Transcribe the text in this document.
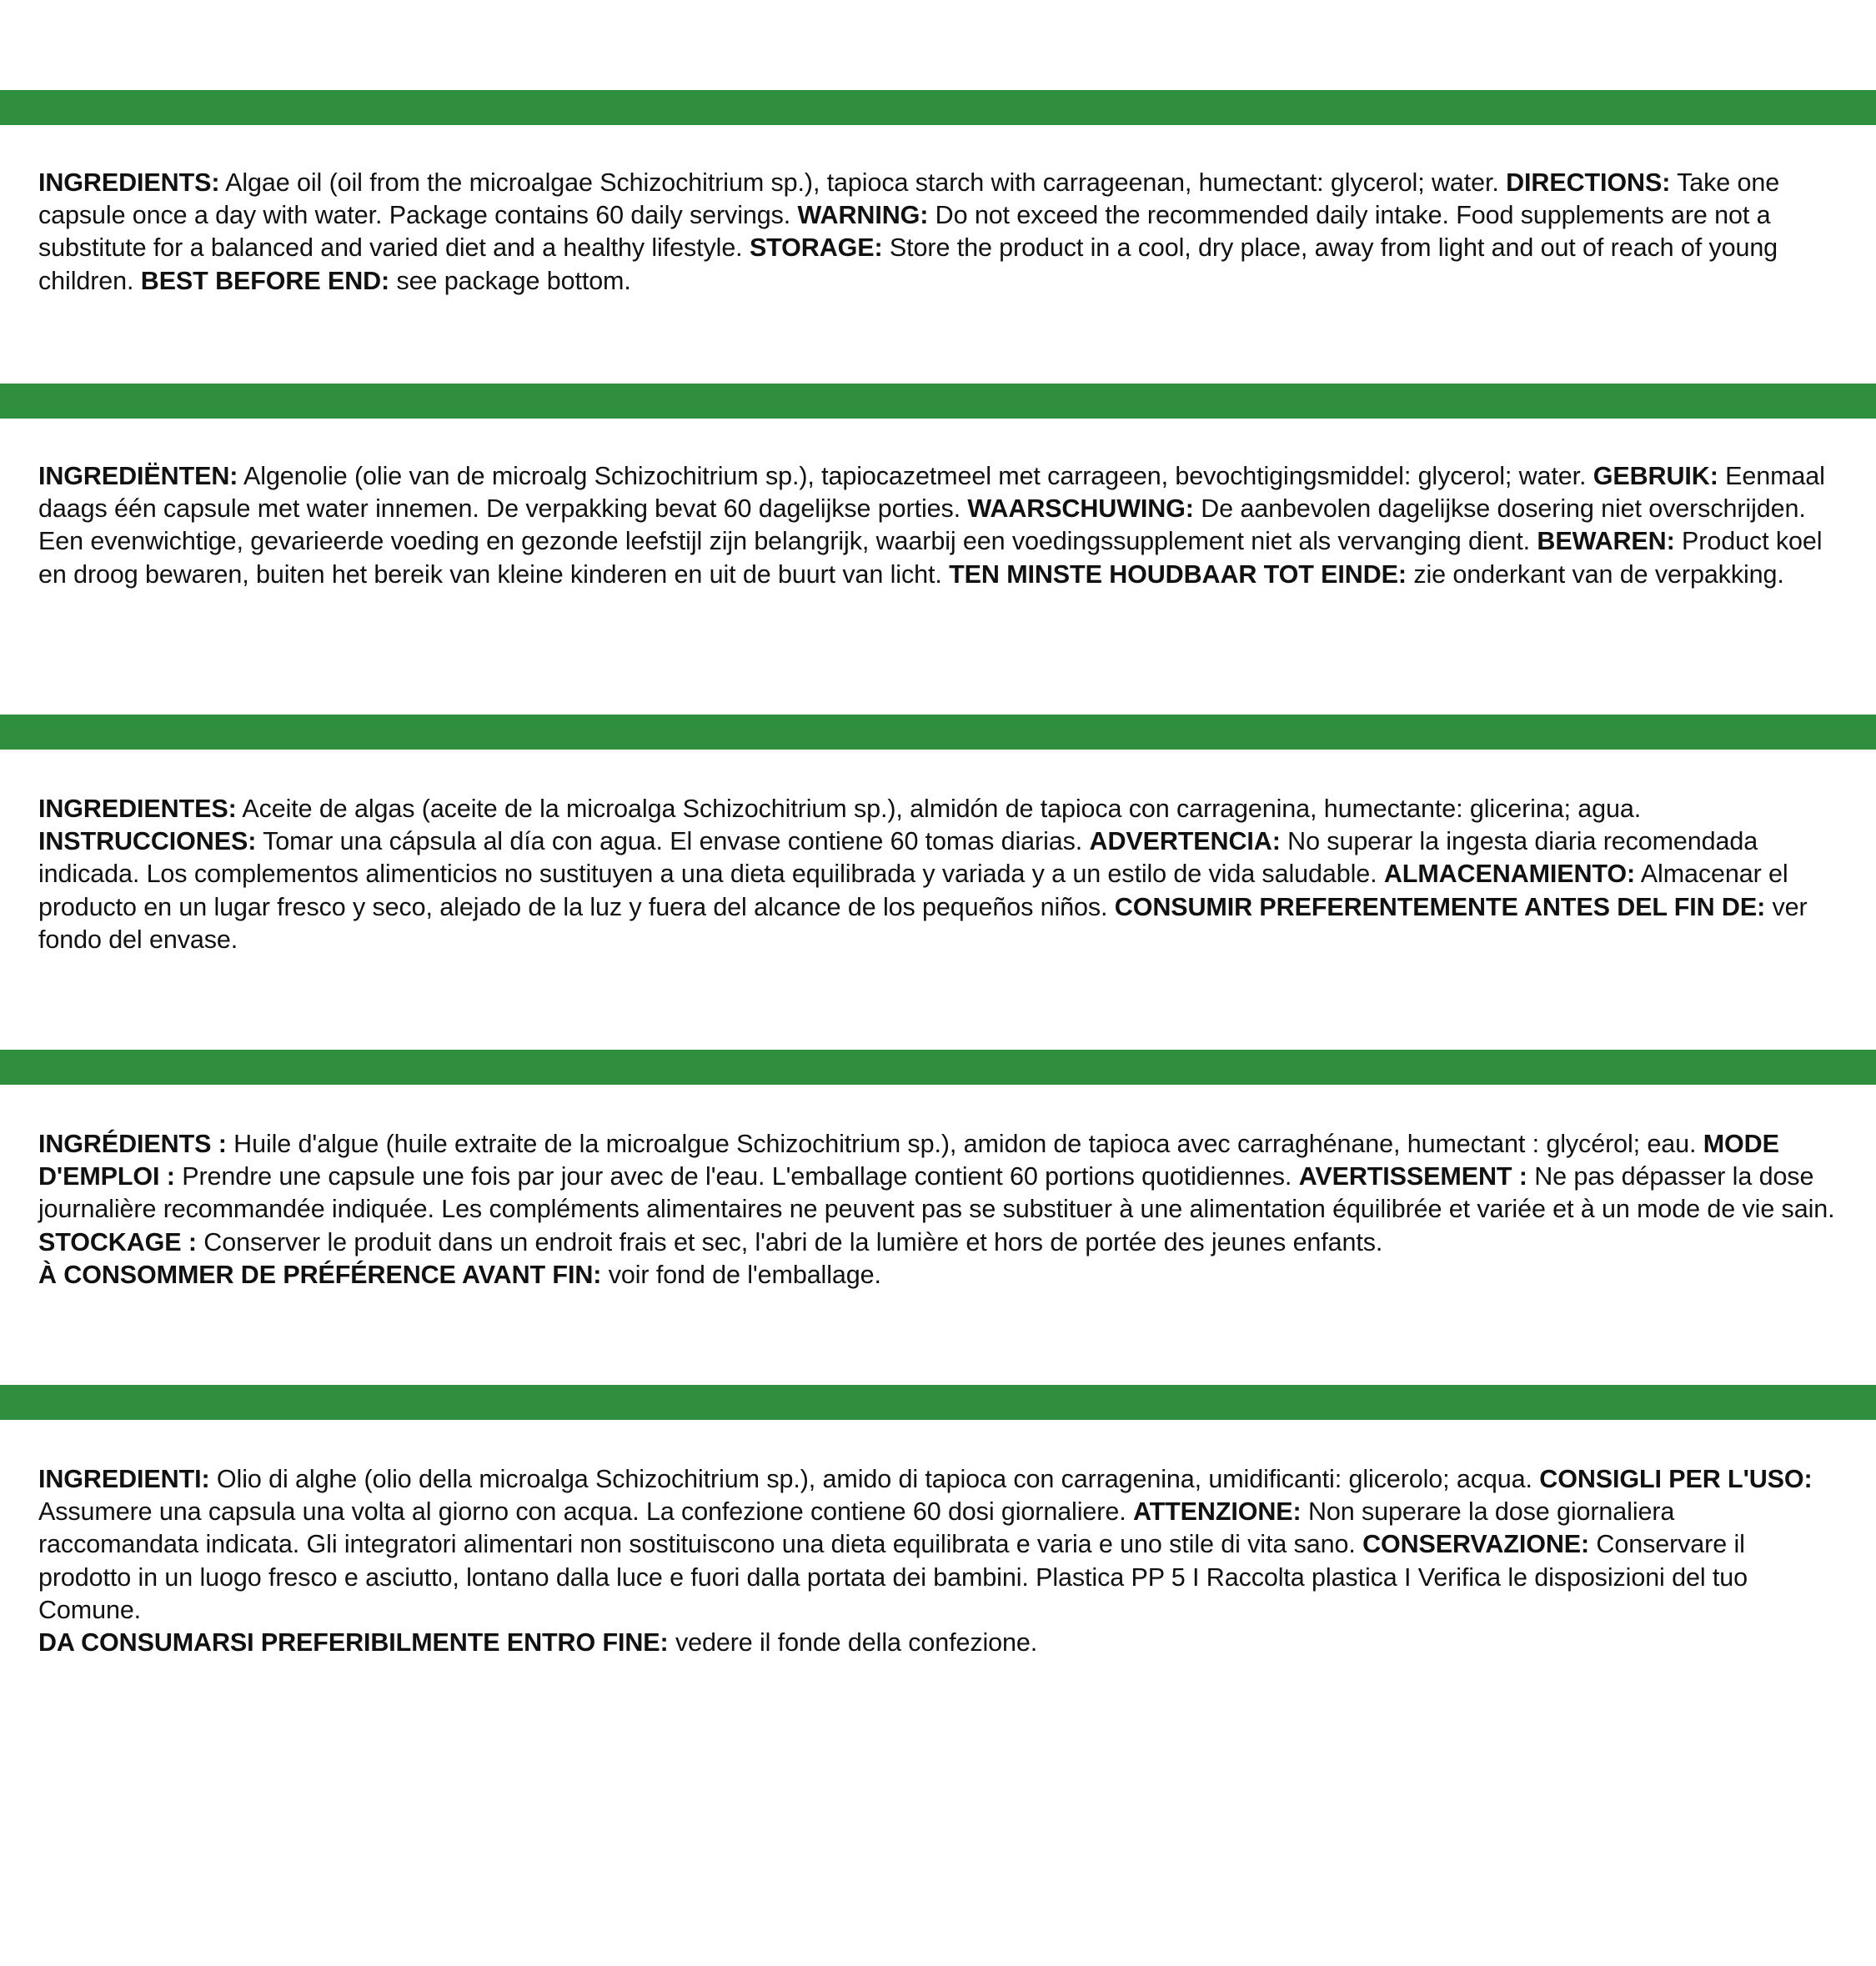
INGREDIENTS: Algae oil (oil from the microalgae Schizochitrium sp.), tapioca starch with carrageenan, humectant: glycerol; water. DIRECTIONS: Take one capsule once a day with water. Package contains 60 daily servings. WARNING: Do not exceed the recommended daily intake. Food supplements are not a substitute for a balanced and varied diet and a healthy lifestyle. STORAGE: Store the product in a cool, dry place, away from light and out of reach of young children. BEST BEFORE END: see package bottom.

INGREDIËNTEN: Algenolie (olie van de microalg Schizochitrium sp.), tapiocazetmeel met carrageen, bevochtigingsmiddel: glycerol; water. GEBRUIK: Eenmaal daags één capsule met water innemen. De verpakking bevat 60 dagelijkse porties. WAARSCHUWING: De aanbevolen dagelijkse dosering niet overschrijden. Een evenwichtige, gevarieerde voeding en gezonde leefstijl zijn belangrijk, waarbij een voedingssupplement niet als vervanging dient. BEWAREN: Product koel en droog bewaren, buiten het bereik van kleine kinderen en uit de buurt van licht. TEN MINSTE HOUDBAAR TOT EINDE: zie onderkant van de verpakking.

INGREDIENTES: Aceite de algas (aceite de la microalga Schizochitrium sp.), almidón de tapioca con carragenina, humectante: glicerina; agua. INSTRUCCIONES: Tomar una cápsula al día con agua. El envase contiene 60 tomas diarias. ADVERTENCIA: No superar la ingesta diaria recomendada indicada. Los complementos alimenticios no sustituyen a una dieta equilibrada y variada y a un estilo de vida saludable. ALMACENAMIENTO: Almacenar el producto en un lugar fresco y seco, alejado de la luz y fuera del alcance de los pequeños niños. CONSUMIR PREFERENTEMENTE ANTES DEL FIN DE: ver fondo del envase.

INGRÉDIENTS : Huile d'algue (huile extraite de la microalgue Schizochitrium sp.), amidon de tapioca avec carraghénane, humectant : glycérol; eau. MODE D'EMPLOI : Prendre une capsule une fois par jour avec de l'eau. L'emballage contient 60 portions quotidiennes. AVERTISSEMENT : Ne pas dépasser la dose journalière recommandée indiquée. Les compléments alimentaires ne peuvent pas se substituer à une alimentation équilibrée et variée et à un mode de vie sain. STOCKAGE : Conserver le produit dans un endroit frais et sec, l'abri de la lumière et hors de portée des jeunes enfants.
À CONSOMMER DE PRÉFÉRENCE AVANT FIN: voir fond de l'emballage.

INGREDIENTI: Olio di alghe (olio della microalga Schizochitrium sp.), amido di tapioca con carragenina, umidificanti: glicerolo; acqua. CONSIGLI PER L'USO: Assumere una capsula una volta al giorno con acqua. La confezione contiene 60 dosi giornaliere. ATTENZIONE: Non superare la dose giornaliera raccomandata indicata. Gli integratori alimentari non sostituiscono una dieta equilibrata e varia e uno stile di vita sano. CONSERVAZIONE: Conservare il prodotto in un luogo fresco e asciutto, lontano dalla luce e fuori dalla portata dei bambini. Plastica PP 5 I Raccolta plastica I Verifica le disposizioni del tuo Comune.
DA CONSUMARSI PREFERIBILMENTE ENTRO FINE: vedere il fonde della confezione.
